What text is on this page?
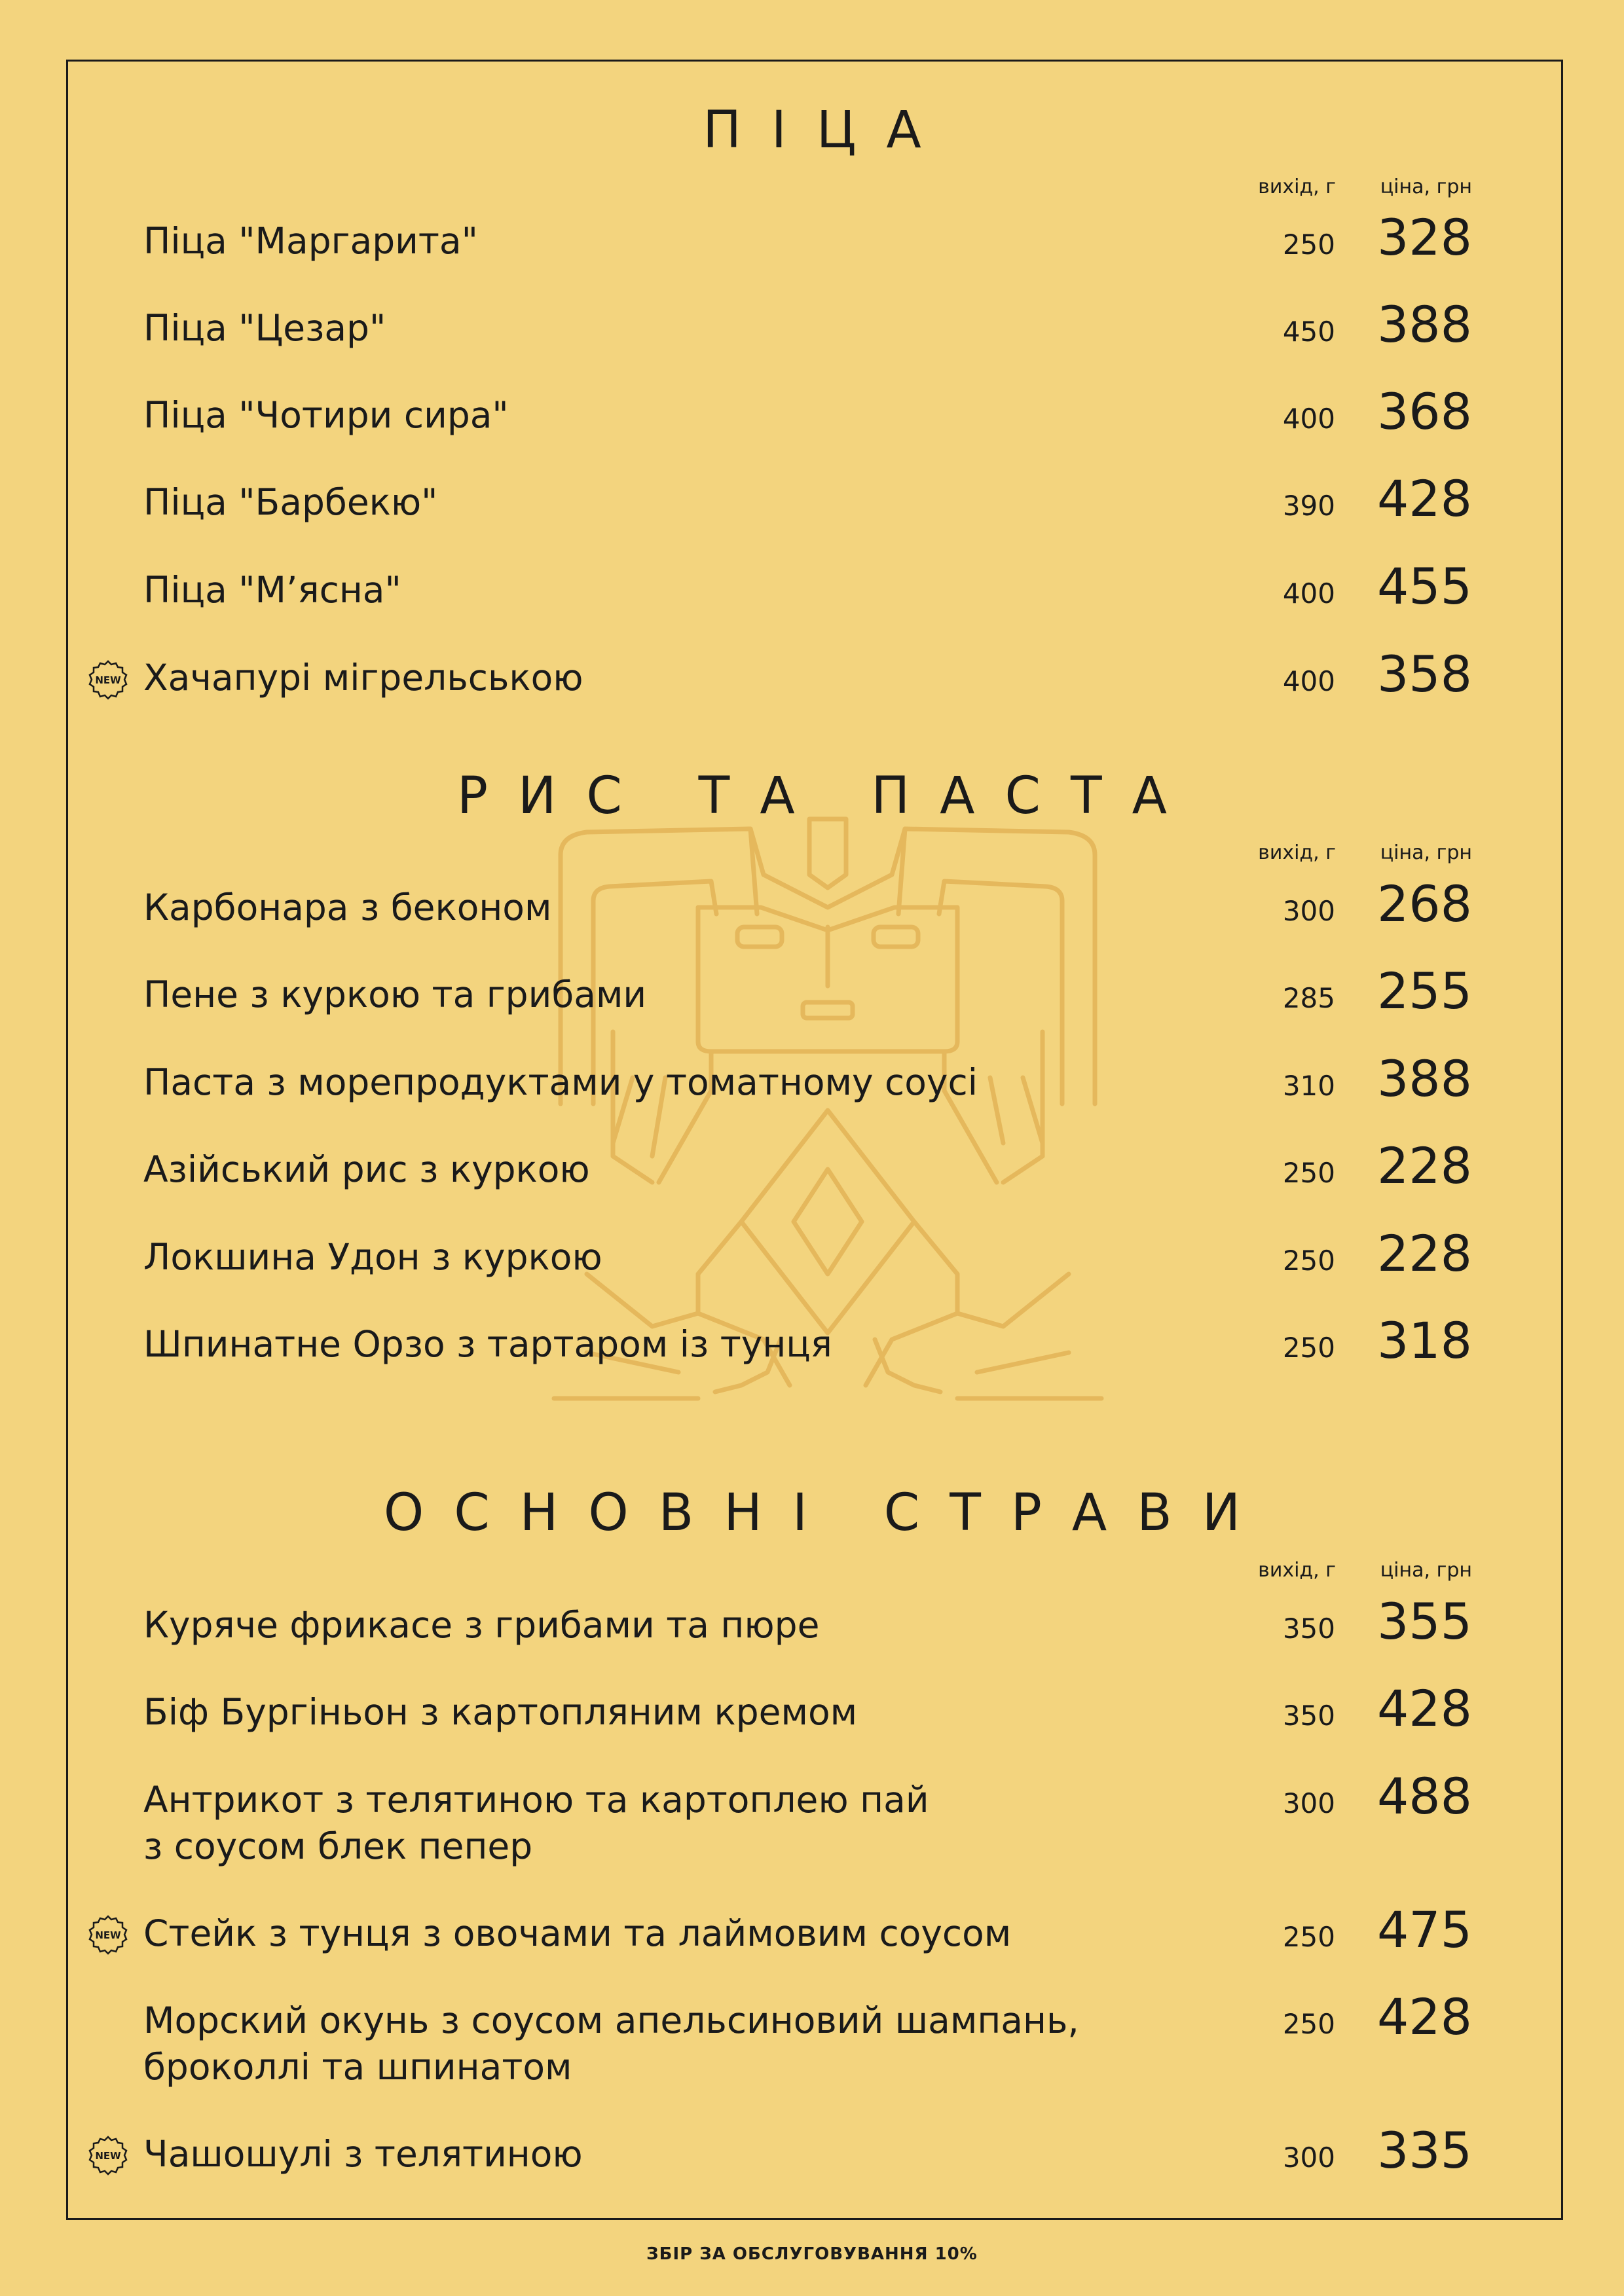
ПІЦА
вихід, г ціна, грн
Піца "Маргарита"	250 328
Піца "Цезар"	450 388
Піца "Чотири сира"	400 368
Піца "Барбекю"	390 428
Піца "М’ясна"	400 455
NEW Хачапурі мігрельською	400 358
РИС ТА ПАСТА
вихід, г ціна, грн
Карбонара з беконом	300 268
Пене з куркою та грибами	285 255
Паста з морепродуктами у томатному соусі	310 388
Азійський рис з куркою	250 228
Локшина Удон з куркою	250 228
Шпинатне Орзо з тартаром із тунця	250 318
ОСНОВНІ СТРАВИ
вихід, г ціна, грн
Куряче фрикасе з грибами та пюре	350 355
Біф Бургіньон з картопляним кремом	350 428
Антрикот з телятиною та картоплею пай
з соусом блек пепер
300 488
NEW Стейк з тунця з овочами та лаймовим соусом	250 475
Морский окунь з соусом апельсиновий шампань,
броколлі та шпинатом
250 428
NEW Чашошулі з телятиною	300 335
ЗБІР ЗА ОБСЛУГОВУВАННЯ 10%
